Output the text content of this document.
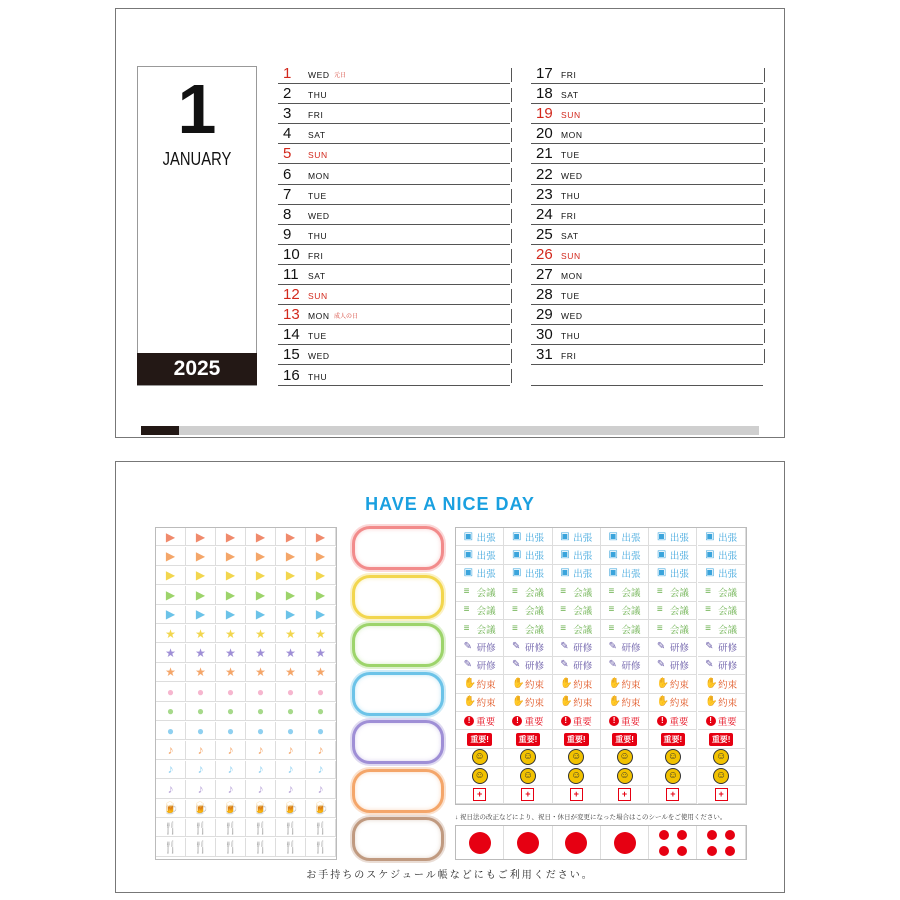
1
JANUARY
2025
1 WED 元日
2 THU
3 FRI
4 SAT
5 SUN
6 MON
7 TUE
8 WED
9 THU
10 FRI
11 SAT
12 SUN
13 MON 成人の日
14 TUE
15 WED
16 THU
17 FRI
18 SAT
19 SUN
20 MON
21 TUE
22 WED
23 THU
24 FRI
25 SAT
26 SUN
27 MON
28 TUE
29 WED
30 THU
31 FRI
HAVE A NICE DAY
▶	▶	▶	▶	▶	▶
▶	▶	▶	▶	▶	▶
▶	▶	▶	▶	▶	▶
▶	▶	▶	▶	▶	▶
▶	▶	▶	▶	▶	▶
★	★	★	★	★	★
★	★	★	★	★	★
★	★	★	★	★	★
●	●	●	●	●	●
●	●	●	●	●	●
●	●	●	●	●	●
♪	♪	♪	♪	♪	♪
♪	♪	♪	♪	♪	♪
♪	♪	♪	♪	♪	♪
🍺	🍺	🍺	🍺	🍺	🍺
🍴	🍴	🍴	🍴	🍴	🍴
🍴	🍴	🍴	🍴	🍴	🍴
▣ 出張 ▣ 出張 ▣ 出張 ▣ 出張 ▣ 出張 ▣ 出張
▣ 出張 ▣ 出張 ▣ 出張 ▣ 出張 ▣ 出張 ▣ 出張
▣ 出張 ▣ 出張 ▣ 出張 ▣ 出張 ▣ 出張 ▣ 出張
≡ 会議 ≡ 会議 ≡ 会議 ≡ 会議 ≡ 会議 ≡ 会議
≡ 会議 ≡ 会議 ≡ 会議 ≡ 会議 ≡ 会議 ≡ 会議
≡ 会議 ≡ 会議 ≡ 会議 ≡ 会議 ≡ 会議 ≡ 会議
✎ 研修 ✎ 研修 ✎ 研修 ✎ 研修 ✎ 研修 ✎ 研修
✎ 研修 ✎ 研修 ✎ 研修 ✎ 研修 ✎ 研修 ✎ 研修
✋ 約束 ✋ 約束 ✋ 約束 ✋ 約束 ✋ 約束 ✋ 約束
✋ 約束 ✋ 約束 ✋ 約束 ✋ 約束 ✋ 約束 ✋ 約束
! 重要	! 重要	! 重要	! 重要	! 重要	! 重要
重要!	重要!	重要!	重要!	重要!	重要!
☺	☺	☺	☺	☺	☺
☺	☺	☺	☺	☺	☺
+	+	+	+	+	+
↓ 祝日法の改正などにより、祝日・休日が変更になった場合はこのシールをご使用ください。
お手持ちのスケジュール帳などにもご利用ください。
